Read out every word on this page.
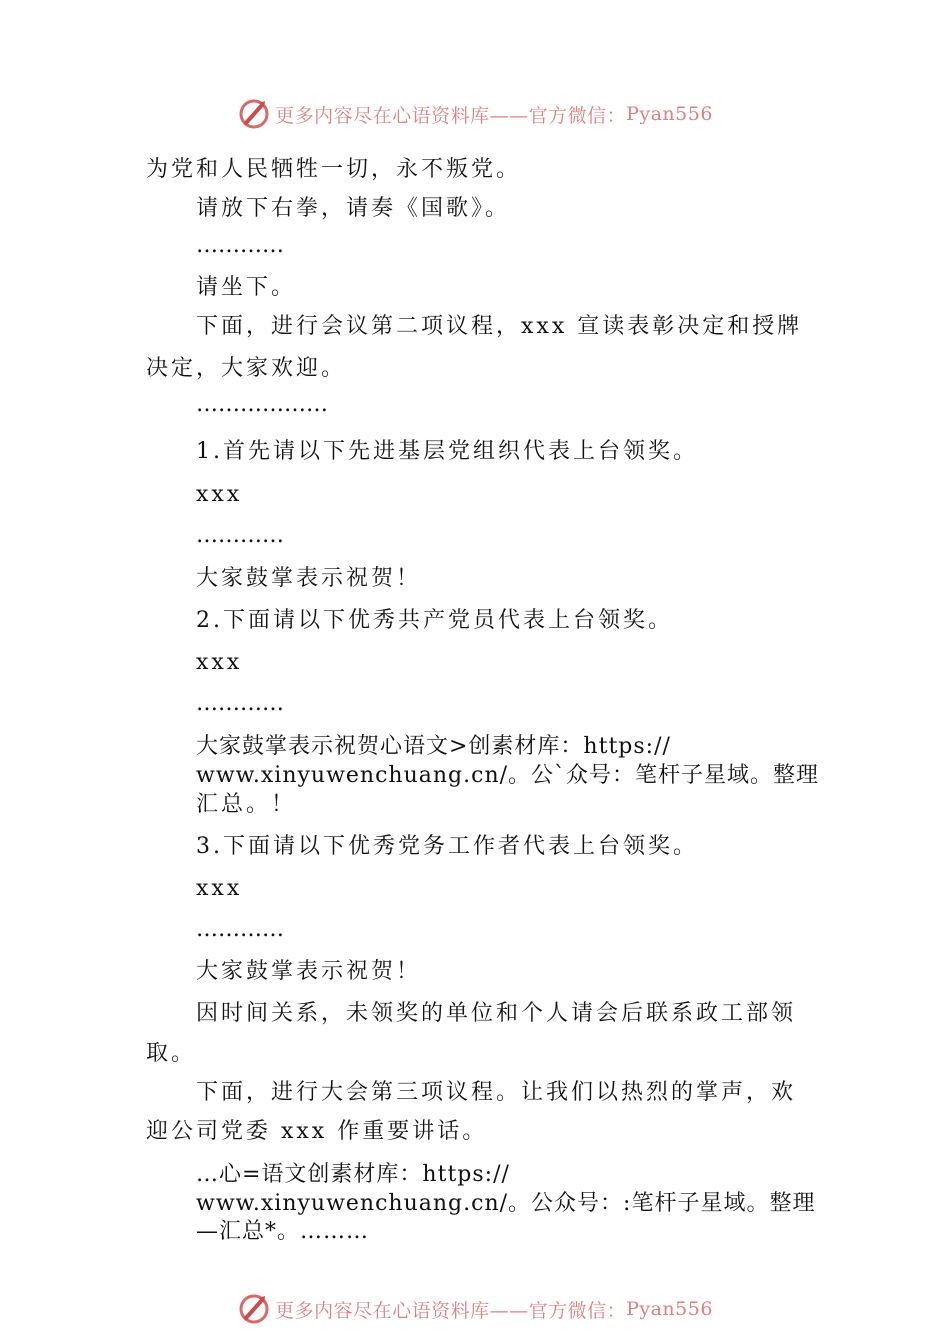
更多内容尽在心语资料库——官方微信： Pyan556

为党和人民牺牲一切，永不叛党。

请放下右拳，请奏《国歌》。

…………

请坐下。

下面，进行会议第二项议程，xxx 宣读表彰决定和授牌

决定，大家欢迎。

………………

1.首先请以下先进基层党组织代表上台领奖。

xxx

…………

大家鼓掌表示祝贺！

2.下面请以下优秀共产党员代表上台领奖。

xxx

…………

大家鼓掌表示祝贺心语文>创素材库：https://

www.xinyuwenchuang.cn/。公`众号：笔杆子星域。整理

汇总。！

3.下面请以下优秀党务工作者代表上台领奖。

xxx

…………

大家鼓掌表示祝贺！

因时间关系，未领奖的单位和个人请会后联系政工部领

取。

下面，进行大会第三项议程。让我们以热烈的掌声，欢

迎公司党委 xxx 作重要讲话。

…心=语文创素材库：https://

www.xinyuwenchuang.cn/。公众号：:笔杆子星域。整理

—汇总*。………

更多内容尽在心语资料库——官方微信： Pyan556
